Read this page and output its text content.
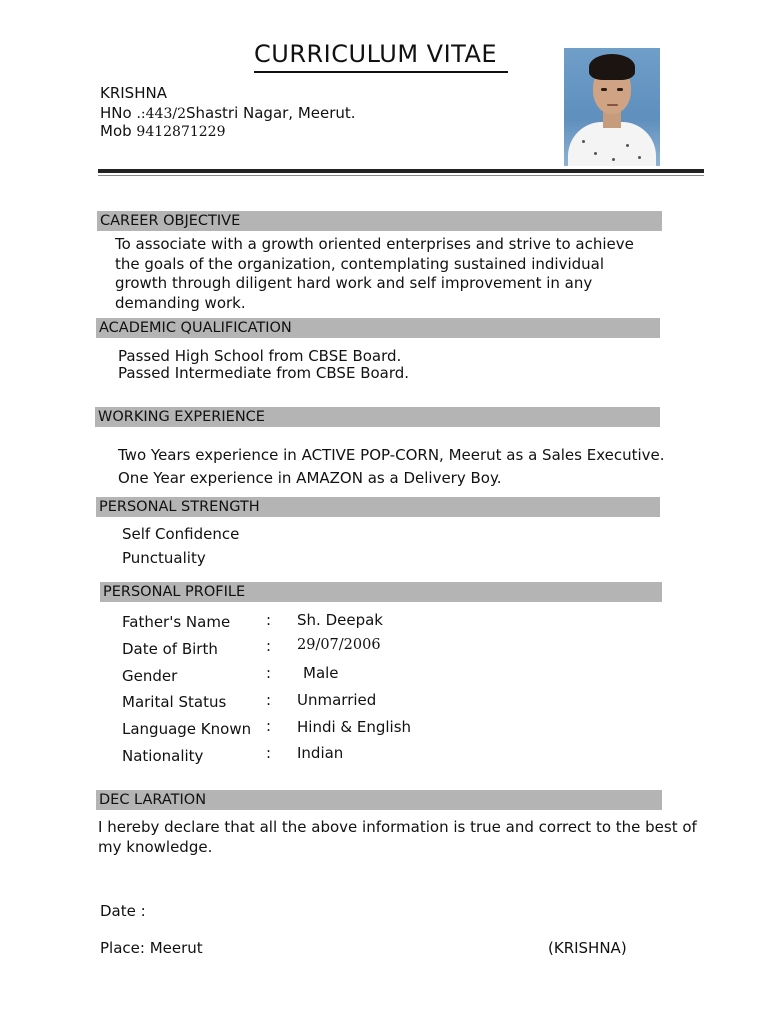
CURRICULUM VITAE
KRISHNA
HNo .:443/2Shastri Nagar, Meerut.
Mob 9412871229
CAREER OBJECTIVE
To associate with a growth oriented enterprises and strive to achieve
the goals of the organization, contemplating sustained individual
growth through diligent hard work and self improvement in any
demanding work.
ACADEMIC QUALIFICATION
Passed High School from CBSE Board.
Passed Intermediate from CBSE Board.
WORKING EXPERIENCE
Two Years experience in ACTIVE POP-CORN, Meerut as a Sales Executive.
One Year experience in AMAZON as a Delivery Boy.
PERSONAL STRENGTH
Self Confidence
Punctuality
PERSONAL PROFILE
Father's Name : Sh. Deepak
Date of Birth	: 29/07/2006
Gender	: Male
Marital Status	: Unmarried
Language Known : Hindi & English
Nationality	: Indian
DEC LARATION
I hereby declare that all the above information is true and correct to the best of
my knowledge.
Date :
Place: Meerut	(KRISHNA)
